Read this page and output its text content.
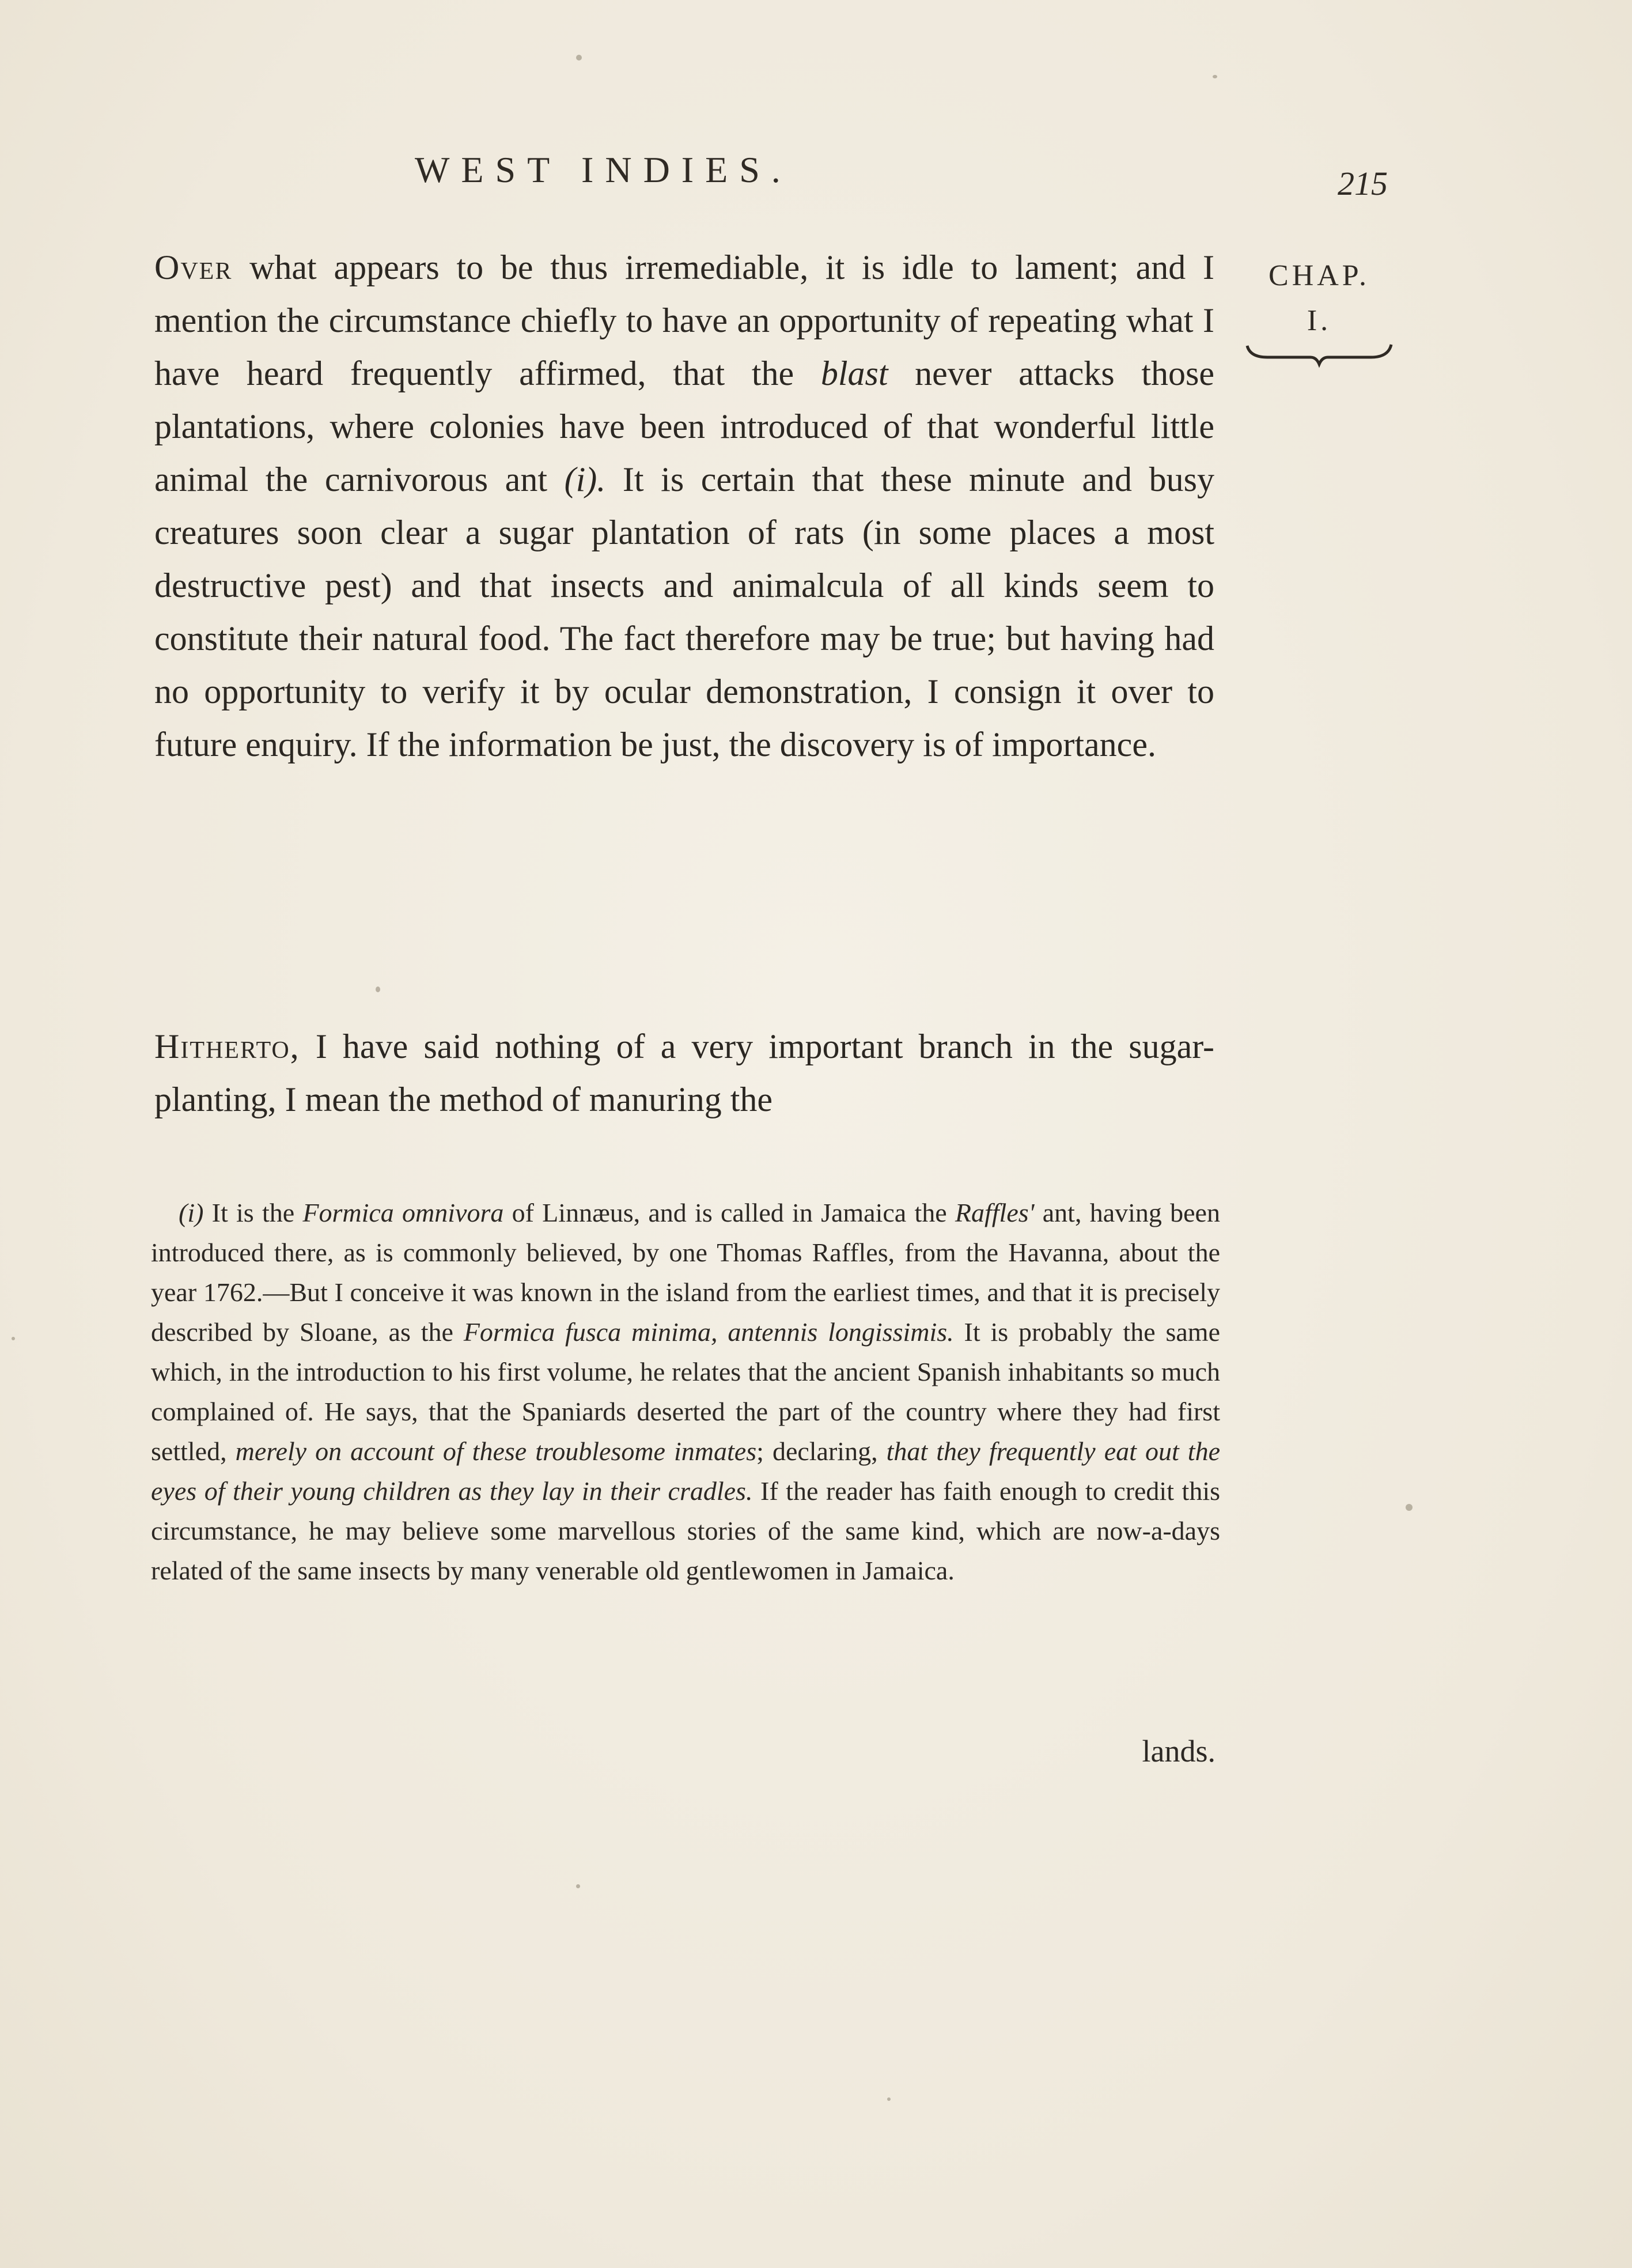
WEST INDIES.	215
CHAP.
I.
Over what appears to be thus irremediable, it is idle to lament; and I mention the circumstance chiefly to have an opportunity of repeating what I have heard frequently affirmed, that the blast never attacks those plantations, where colonies have been introduced of that wonderful little animal the carnivorous ant (i). It is certain that these minute and busy creatures soon clear a sugar plantation of rats (in some places a most destructive pest) and that insects and animalcula of all kinds seem to constitute their natural food. The fact therefore may be true; but having had no opportunity to verify it by ocular demonstration, I consign it over to future enquiry. If the information be just, the discovery is of importance.
Hitherto, I have said nothing of a very important branch in the sugar-planting, I mean the method of manuring the
(i) It is the Formica omnivora of Linnæus, and is called in Jamaica the Raffles' ant, having been introduced there, as is commonly believed, by one Thomas Raffles, from the Havanna, about the year 1762.—But I conceive it was known in the island from the earliest times, and that it is precisely described by Sloane, as the Formica fusca minima, antennis longissimis. It is probably the same which, in the introduction to his first volume, he relates that the ancient Spanish inhabitants so much complained of. He says, that the Spaniards deserted the part of the country where they had first settled, merely on account of these troublesome inmates; declaring, that they frequently eat out the eyes of their young children as they lay in their cradles. If the reader has faith enough to credit this circumstance, he may believe some marvellous stories of the same kind, which are now-a-days related of the same insects by many venerable old gentlewomen in Jamaica.
lands.
